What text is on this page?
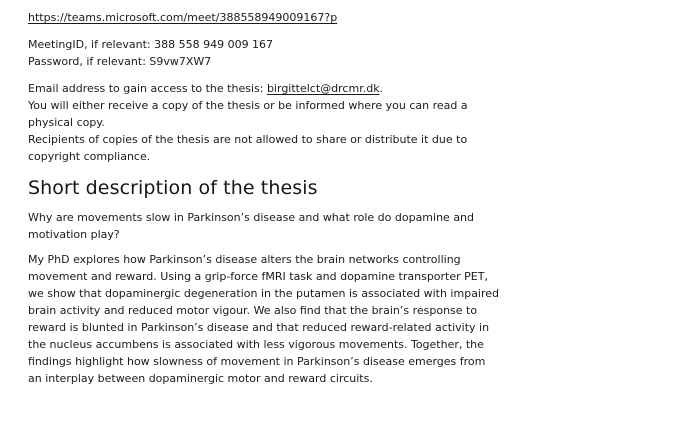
https://teams.microsoft.com/meet/388558949009167?p
MeetingID, if relevant: 388 558 949 009 167
Password, if relevant: S9vw7XW7
Email address to gain access to the thesis: birgittelct@drcmr.dk.
You will either receive a copy of the thesis or be informed where you can read a
physical copy.
Recipients of copies of the thesis are not allowed to share or distribute it due to
copyright compliance.
Short description of the thesis
Why are movements slow in Parkinson’s disease and what role do dopamine and
motivation play?
My PhD explores how Parkinson’s disease alters the brain networks controlling
movement and reward. Using a grip-force fMRI task and dopamine transporter PET,
we show that dopaminergic degeneration in the putamen is associated with impaired
brain activity and reduced motor vigour. We also find that the brain’s response to
reward is blunted in Parkinson’s disease and that reduced reward-related activity in
the nucleus accumbens is associated with less vigorous movements. Together, the
findings highlight how slowness of movement in Parkinson’s disease emerges from
an interplay between dopaminergic motor and reward circuits.
